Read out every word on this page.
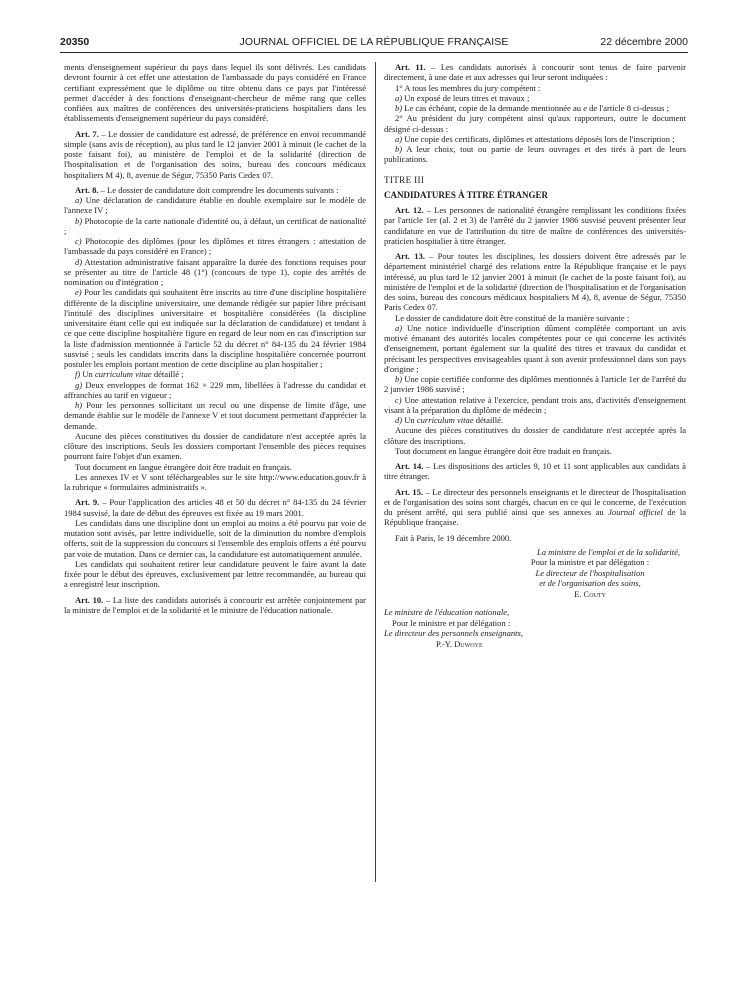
20350	JOURNAL OFFICIEL DE LA RÉPUBLIQUE FRANÇAISE	22 décembre 2000

ments d'enseignement supérieur du pays dans lequel ils sont délivrés. Les candidats devront fournir à cet effet une attestation de l'ambassade du pays considéré en France certifiant expressément que le diplôme ou titre obtenu dans ce pays par l'intéressé permet d'accéder à des fonctions d'enseignant-chercheur de même rang que celles confiées aux maîtres de conférences des universités-praticiens hospitaliers dans les établissements d'enseignement supérieur du pays considéré.

Art. 7. – Le dossier de candidature est adressé, de préférence en envoi recommandé simple (sans avis de réception), au plus tard le 12 janvier 2001 à minuit (le cachet de la poste faisant foi), au ministère de l'emploi et de la solidarité (direction de l'hospitalisation et de l'organisation des soins, bureau des concours médicaux hospitaliers M 4), 8, avenue de Ségur, 75350 Paris Cedex 07.

Art. 8. – Le dossier de candidature doit comprendre les documents suivants :

a) Une déclaration de candidature établie en double exemplaire sur le modèle de l'annexe IV ;

b) Photocopie de la carte nationale d'identité ou, à défaut, un certificat de nationalité ;

c) Photocopie des diplômes (pour les diplômes et titres étrangers : attestation de l'ambassade du pays considéré en France) ;

d) Attestation administrative faisant apparaître la durée des fonctions requises pour se présenter au titre de l'article 48 (1°) (concours de type 1), copie des arrêtés de nomination ou d'intégration ;

e) Pour les candidats qui souhaitent être inscrits au titre d'une discipline hospitalière différente de la discipline universitaire, une demande rédigée sur papier libre précisant l'intitulé des disciplines universitaire et hospitalière considérées (la discipline universitaire étant celle qui est indiquée sur la déclaration de candidature) et tendant à ce que cette discipline hospitalière figure en regard de leur nom en cas d'inscription sur la liste d'admission mentionnée à l'article 52 du décret n° 84-135 du 24 février 1984 susvisé ; seuls les candidats inscrits dans la discipline hospitalière concernée pourront postuler les emplois portant mention de cette discipline au plan hospitalier ;

f) Un curriculum vitae détaillé ;

g) Deux enveloppes de format 162 × 229 mm, libellées à l'adresse du candidat et affranchies au tarif en vigueur ;

h) Pour les personnes sollicitant un recul ou une dispense de limite d'âge, une demande établie sur le modèle de l'annexe V et tout document permettant d'apprécier la demande.

Aucune des pièces constitutives du dossier de candidature n'est acceptée après la clôture des inscriptions. Seuls les dossiers comportant l'ensemble des pièces requises pourront faire l'objet d'un examen.

Tout document en langue étrangère doit être traduit en français.

Les annexes IV et V sont téléchargeables sur le site http://www.education.gouv.fr à la rubrique « formulaires administratifs ».

Art. 9. – Pour l'application des articles 48 et 50 du décret n° 84-135 du 24 février 1984 susvisé, la date de début des épreuves est fixée au 19 mars 2001.

Les candidats dans une discipline dont un emploi au moins a été pourvu par voie de mutation sont avisés, par lettre individuelle, soit de la diminution du nombre d'emplois offerts, soit de la suppression du concours si l'ensemble des emplois offerts a été pourvu par voie de mutation. Dans ce dernier cas, la candidature est automatiquement annulée.

Les candidats qui souhaitent retirer leur candidature peuvent le faire avant la date fixée pour le début des épreuves, exclusivement par lettre recommandée, au bureau qui a enregistré leur inscription.

Art. 10. – La liste des candidats autorisés à concourir est arrêtée conjointement par la ministre de l'emploi et de la solidarité et le ministre de l'éducation nationale.

Art. 11. – Les candidats autorisés à concourir sont tenus de faire parvenir directement, à une date et aux adresses qui leur seront indiquées :

1° A tous les membres du jury compétent :

a) Un exposé de leurs titres et travaux ;

b) Le cas échéant, copie de la demande mentionnée au e de l'article 8 ci-dessus ;

2° Au président du jury compétent ainsi qu'aux rapporteurs, outre le document désigné ci-dessus :

a) Une copie des certificats, diplômes et attestations déposés lors de l'inscription ;

b) A leur choix, tout ou partie de leurs ouvrages et des tirés à part de leurs publications.

TITRE III

CANDIDATURES À TITRE ÉTRANGER

Art. 12. – Les personnes de nationalité étrangère remplissant les conditions fixées par l'article 1er (al. 2 et 3) de l'arrêté du 2 janvier 1986 susvisé peuvent présenter leur candidature en vue de l'attribution du titre de maître de conférences des universités-praticien hospitalier à titre étranger.

Art. 13. – Pour toutes les disciplines, les dossiers doivent être adressés par le département ministériel chargé des relations entre la République française et le pays intéressé, au plus tard le 12 janvier 2001 à minuit (le cachet de la poste faisant foi), au ministère de l'emploi et de la solidarité (direction de l'hospitalisation et de l'organisation des soins, bureau des concours médicaux hospitaliers M 4), 8, avenue de Ségur, 75350 Paris Cedex 07.

Le dossier de candidature doit être constitué de la manière suivante :

a) Une notice individuelle d'inscription dûment complétée comportant un avis motivé émanant des autorités locales compétentes pour ce qui concerne les activités d'enseignement, portant également sur la qualité des titres et travaux du candidat et précisant les perspectives envisageables quant à son avenir professionnel dans son pays d'origine ;

b) Une copie certifiée conforme des diplômes mentionnés à l'article 1er de l'arrêté du 2 janvier 1986 susvisé ;

c) Une attestation relative à l'exercice, pendant trois ans, d'activités d'enseignement visant à la préparation du diplôme de médecin ;

d) Un curriculum vitae détaillé.

Aucune des pièces constitutives du dossier de candidature n'est acceptée après la clôture des inscriptions.

Tout document en langue étrangère doit être traduit en français.

Art. 14. – Les dispositions des articles 9, 10 et 11 sont applicables aux candidats à titre étranger.

Art. 15. – Le directeur des personnels enseignants et le directeur de l'hospitalisation et de l'organisation des soins sont chargés, chacun en ce qui le concerne, de l'exécution du présent arrêté, qui sera publié ainsi que ses annexes au Journal officiel de la République française.

Fait à Paris, le 19 décembre 2000.

La ministre de l'emploi et de la solidarité,

Pour la ministre et par délégation :

Le directeur de l'hospitalisation

et de l'organisation des soins,

E. Couty

Le ministre de l'éducation nationale,

Pour le ministre et par délégation :

Le directeur des personnels enseignants,

P.-Y. Duwoye
